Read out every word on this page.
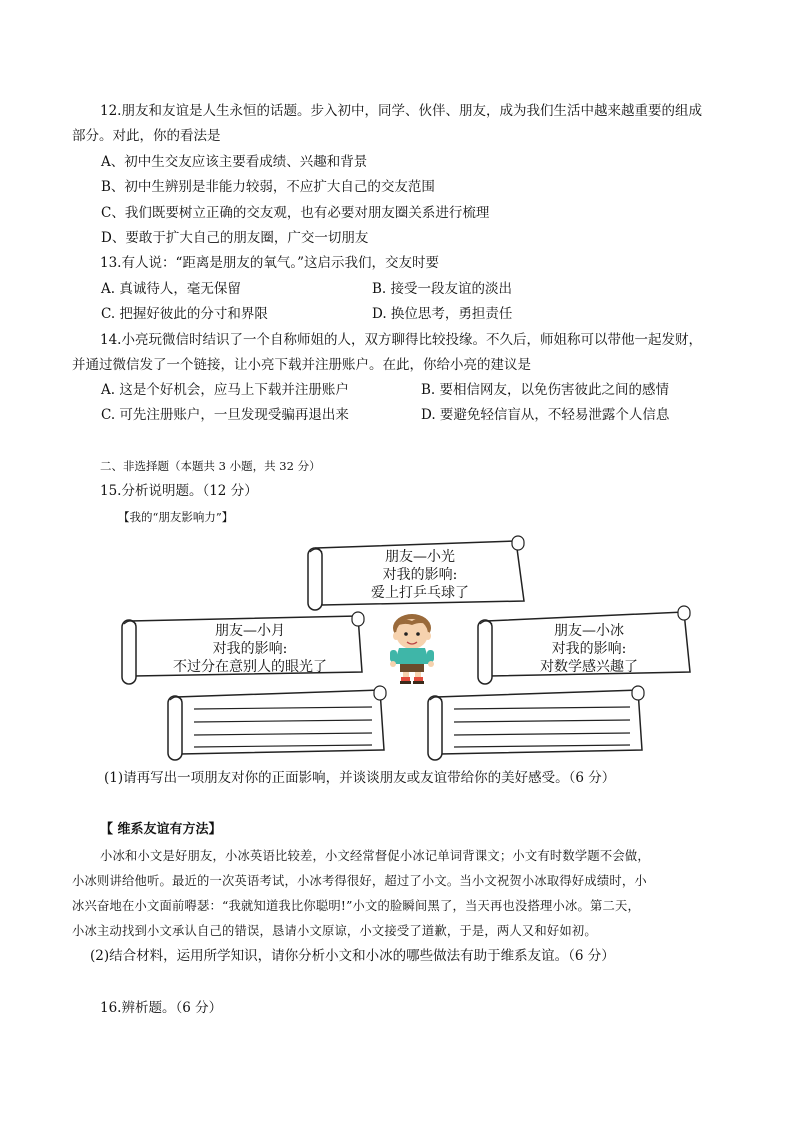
12.朋友和友谊是人生永恒的话题。步入初中，同学、伙伴、朋友，成为我们生活中越来越重要的组成
部分。对此，你的看法是
A、初中生交友应该主要看成绩、兴趣和背景
B、初中生辨别是非能力较弱，不应扩大自己的交友范围
C、我们既要树立正确的交友观，也有必要对朋友圈关系进行梳理
D、要敢于扩大自己的朋友圈，广交一切朋友
13.有人说：“距离是朋友的氧气。”这启示我们，交友时要
A. 真诚待人，毫无保留	B. 接受一段友谊的淡出
C. 把握好彼此的分寸和界限	D. 换位思考，勇担责任
14.小亮玩微信时结识了一个自称师姐的人，双方聊得比较投缘。不久后，师姐称可以带他一起发财，
并通过微信发了一个链接，让小亮下载并注册账户。在此，你给小亮的建议是
A. 这是个好机会，应马上下载并注册账户	B. 要相信网友，以免伤害彼此之间的感情
C. 可先注册账户，一旦发现受骗再退出来	D. 要避免轻信盲从，不轻易泄露个人信息
二、非选择题（本题共 3 小题，共 32 分）
15.分析说明题。（12 分）
【我的“朋友影响力”】
朋友—小光
对我的影响:
爱上打乒乓球了
朋友—小月
对我的影响:
不过分在意别人的眼光了
朋友—小冰
对我的影响:
对数学感兴趣了
(1)请再写出一项朋友对你的正面影响，并谈谈朋友或友谊带给你的美好感受。（6 分）
【 维系友谊有方法】
小冰和小文是好朋友，小冰英语比较差，小文经常督促小冰记单词背课文；小文有时数学题不会做，
小冰则讲给他听。最近的一次英语考试，小冰考得很好，超过了小文。当小文祝贺小冰取得好成绩时，小
冰兴奋地在小文面前嘚瑟：“我就知道我比你聪明!”小文的脸瞬间黑了，当天再也没搭理小冰。第二天，
小冰主动找到小文承认自己的错误，恳请小文原谅，小文接受了道歉，于是，两人又和好如初。
(2)结合材料，运用所学知识，请你分析小文和小冰的哪些做法有助于维系友谊。（6 分）
16.辨析题。（6 分）
